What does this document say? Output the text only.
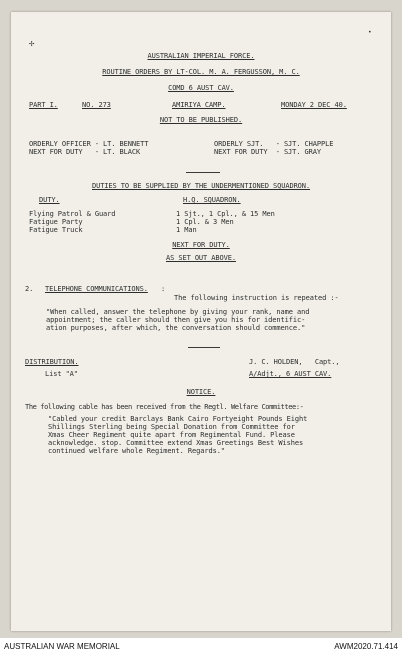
✢
•
AUSTRALIAN IMPERIAL FORCE.
ROUTINE ORDERS BY LT-COL. M. A. FERGUSSON, M. C.
COMD 6 AUST CAV.
PART I.	NO. 273	AMIRIYA CAMP.	MONDAY 2 DEC 40.
NOT TO BE PUBLISHED.
ORDERLY OFFICER - LT. BENNETT
NEXT FOR DUTY   - LT. BLACK
ORDERLY SJT.   - SJT. CHAPPLE
NEXT FOR DUTY  - SJT. GRAY
DUTIES TO BE SUPPLIED BY THE UNDERMENTIONED SQUADRON.
DUTY.	H.Q. SQUADRON.
Flying Patrol & Guard	1 Sjt., 1 Cpl., & 15 Men
Fatigue Party	1 Cpl. & 3 Men
Fatigue Truck	1 Man
NEXT FOR DUTY.
AS SET OUT ABOVE.
2. TELEPHONE COMMUNICATIONS. :
The following instruction is repeated :-
"When called, answer the telephone by giving your rank, name and
appointment; the caller should then give you his for identific-
ation purposes, after which, the conversation should commence."
DISTRIBUTION.
List "A"
J. C. HOLDEN,   Capt.,
A/Adjt., 6 AUST CAV.
NOTICE.
The following cable has been received from the Regtl. Welfare Committee:-
"Cabled your credit Barclays Bank Cairo Fortyeight Pounds Eight
Shillings Sterling being Special Donation from Committee for
Xmas Cheer Regiment quite apart from Regimental Fund. Please
acknowledge. stop. Committee extend Xmas Greetings Best Wishes
continued welfare whole Regiment. Regards."
AUSTRALIAN WAR MEMORIAL	AWM2020.71.414
